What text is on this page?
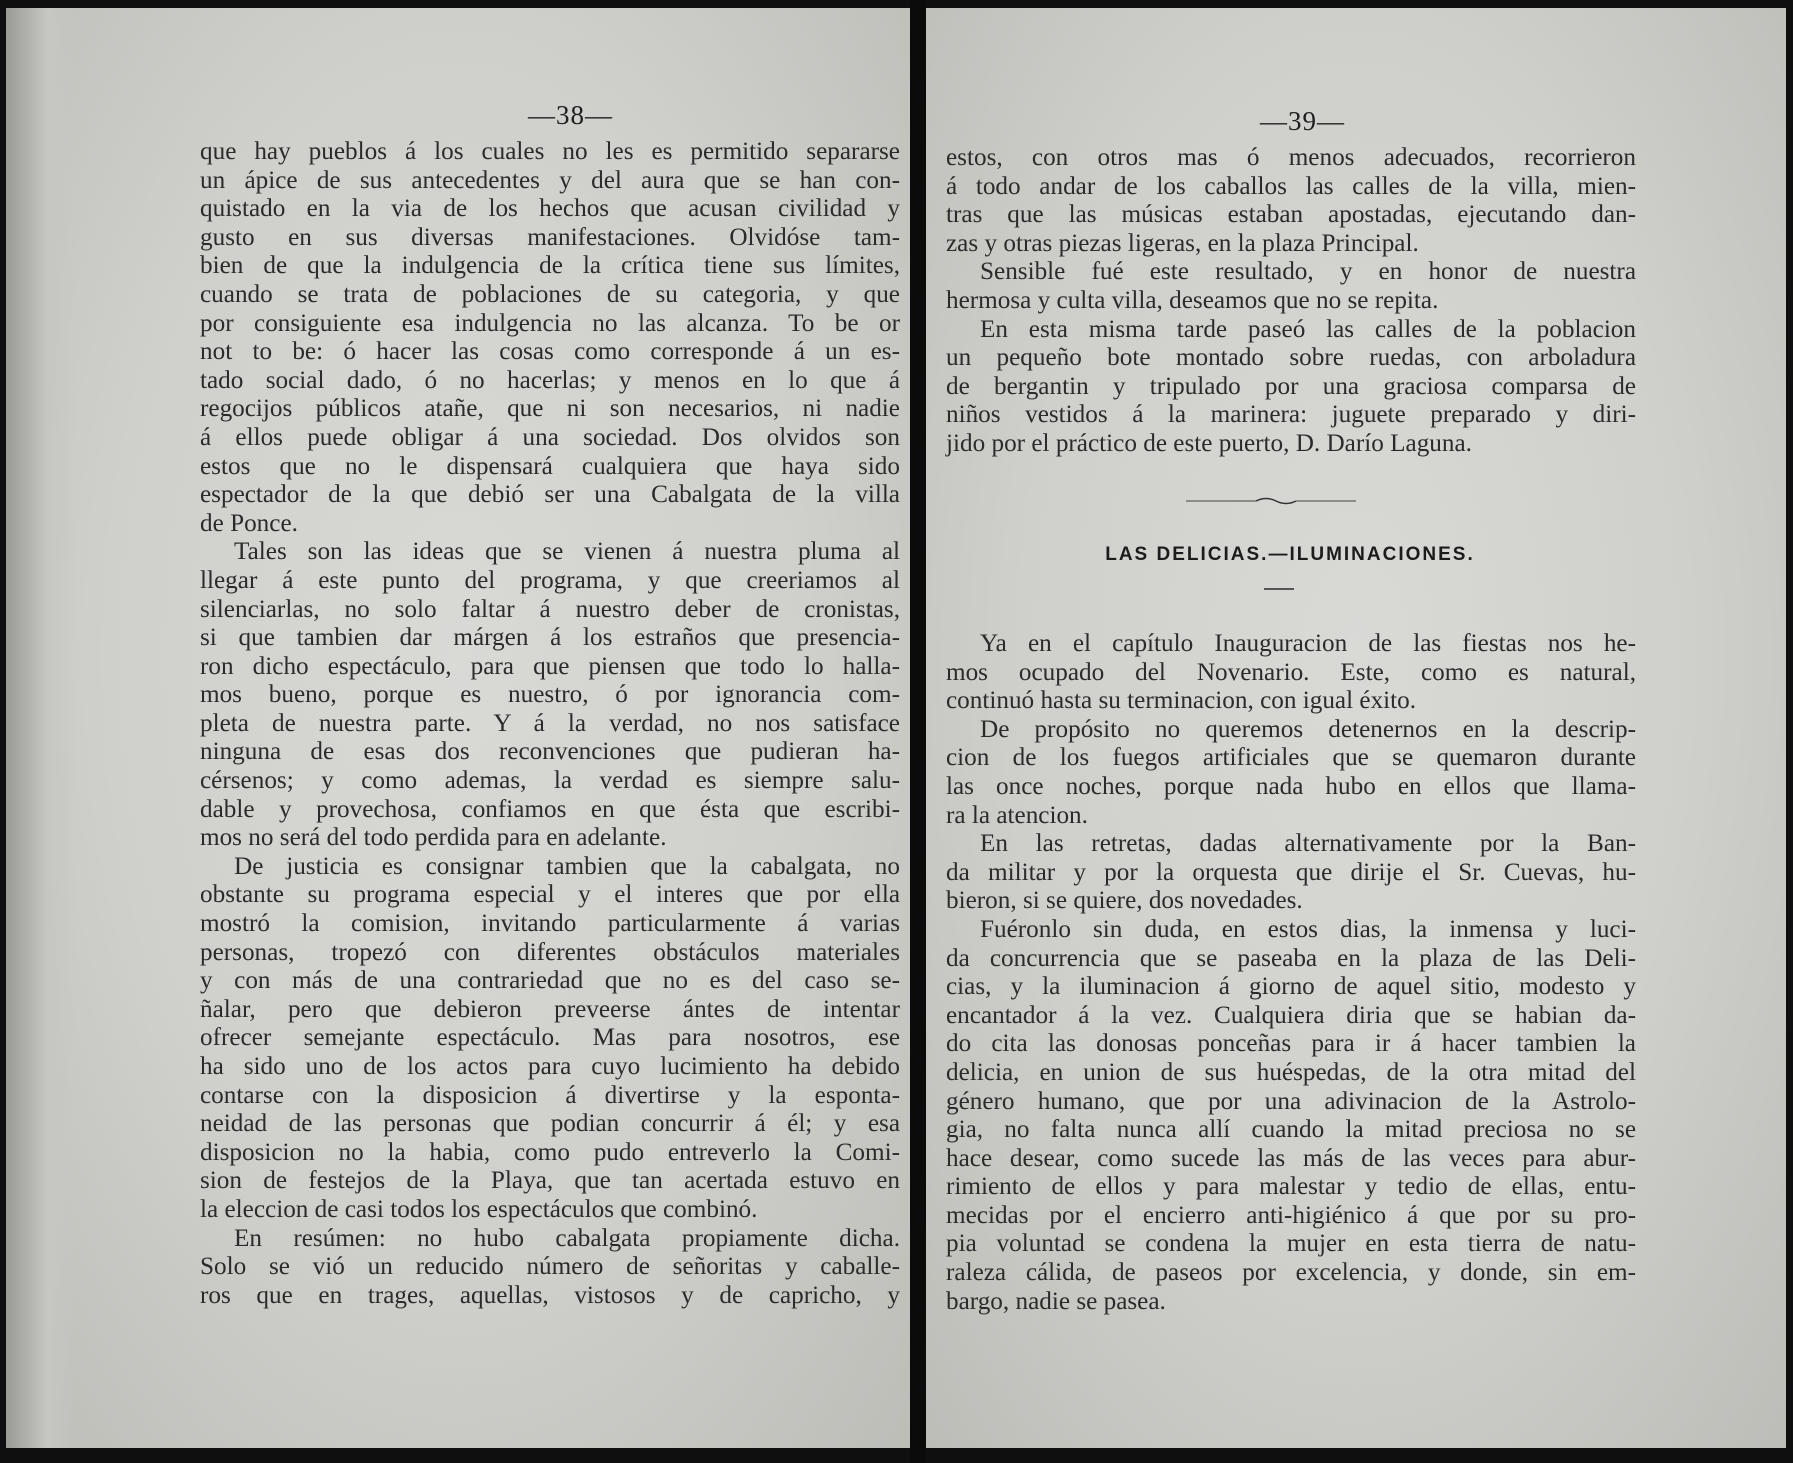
—38—
que hay pueblos á los cuales no les es permitido separarse
un ápice de sus antecedentes y del aura que se han con-
quistado en la via de los hechos que acusan civilidad y
gusto en sus diversas manifestaciones. Olvidóse tam-
bien de que la indulgencia de la crítica tiene sus límites,
cuando se trata de poblaciones de su categoria, y que
por consiguiente esa indulgencia no las alcanza. To be or
not to be: ó hacer las cosas como corresponde á un es-
tado social dado, ó no hacerlas; y menos en lo que á
regocijos públicos atañe, que ni son necesarios, ni nadie
á ellos puede obligar á una sociedad. Dos olvidos son
estos que no le dispensará cualquiera que haya sido
espectador de la que debió ser una Cabalgata de la villa
de Ponce.
Tales son las ideas que se vienen á nuestra pluma al
llegar á este punto del programa, y que creeriamos al
silenciarlas, no solo faltar á nuestro deber de cronistas,
si que tambien dar márgen á los estraños que presencia-
ron dicho espectáculo, para que piensen que todo lo halla-
mos bueno, porque es nuestro, ó por ignorancia com-
pleta de nuestra parte. Y á la verdad, no nos satisface
ninguna de esas dos reconvenciones que pudieran ha-
cérsenos; y como ademas, la verdad es siempre salu-
dable y provechosa, confiamos en que ésta que escribi-
mos no será del todo perdida para en adelante.
De justicia es consignar tambien que la cabalgata, no
obstante su programa especial y el interes que por ella
mostró la comision, invitando particularmente á varias
personas, tropezó con diferentes obstáculos materiales
y con más de una contrariedad que no es del caso se-
ñalar, pero que debieron preveerse ántes de intentar
ofrecer semejante espectáculo. Mas para nosotros, ese
ha sido uno de los actos para cuyo lucimiento ha debido
contarse con la disposicion á divertirse y la esponta-
neidad de las personas que podian concurrir á él; y esa
disposicion no la habia, como pudo entreverlo la Comi-
sion de festejos de la Playa, que tan acertada estuvo en
la eleccion de casi todos los espectáculos que combinó.
En resúmen: no hubo cabalgata propiamente dicha.
Solo se vió un reducido número de señoritas y caballe-
ros que en trages, aquellas, vistosos y de capricho, y
—39—
estos, con otros mas ó menos adecuados, recorrieron
á todo andar de los caballos las calles de la villa, mien-
tras que las músicas estaban apostadas, ejecutando dan-
zas y otras piezas ligeras, en la plaza Principal.
Sensible fué este resultado, y en honor de nuestra
hermosa y culta villa, deseamos que no se repita.
En esta misma tarde paseó las calles de la poblacion
un pequeño bote montado sobre ruedas, con arboladura
de bergantin y tripulado por una graciosa comparsa de
niños vestidos á la marinera: juguete preparado y diri-
jido por el práctico de este puerto, D. Darío Laguna.
LAS DELICIAS.—ILUMINACIONES.
Ya en el capítulo Inauguracion de las fiestas nos he-
mos ocupado del Novenario. Este, como es natural,
continuó hasta su terminacion, con igual éxito.
De propósito no queremos detenernos en la descrip-
cion de los fuegos artificiales que se quemaron durante
las once noches, porque nada hubo en ellos que llama-
ra la atencion.
En las retretas, dadas alternativamente por la Ban-
da militar y por la orquesta que dirije el Sr. Cuevas, hu-
bieron, si se quiere, dos novedades.
Fuéronlo sin duda, en estos dias, la inmensa y luci-
da concurrencia que se paseaba en la plaza de las Deli-
cias, y la iluminacion á giorno de aquel sitio, modesto y
encantador á la vez. Cualquiera diria que se habian da-
do cita las donosas ponceñas para ir á hacer tambien la
delicia, en union de sus huéspedas, de la otra mitad del
género humano, que por una adivinacion de la Astrolo-
gia, no falta nunca allí cuando la mitad preciosa no se
hace desear, como sucede las más de las veces para abur-
rimiento de ellos y para malestar y tedio de ellas, entu-
mecidas por el encierro anti-higiénico á que por su pro-
pia voluntad se condena la mujer en esta tierra de natu-
raleza cálida, de paseos por excelencia, y donde, sin em-
bargo, nadie se pasea.
